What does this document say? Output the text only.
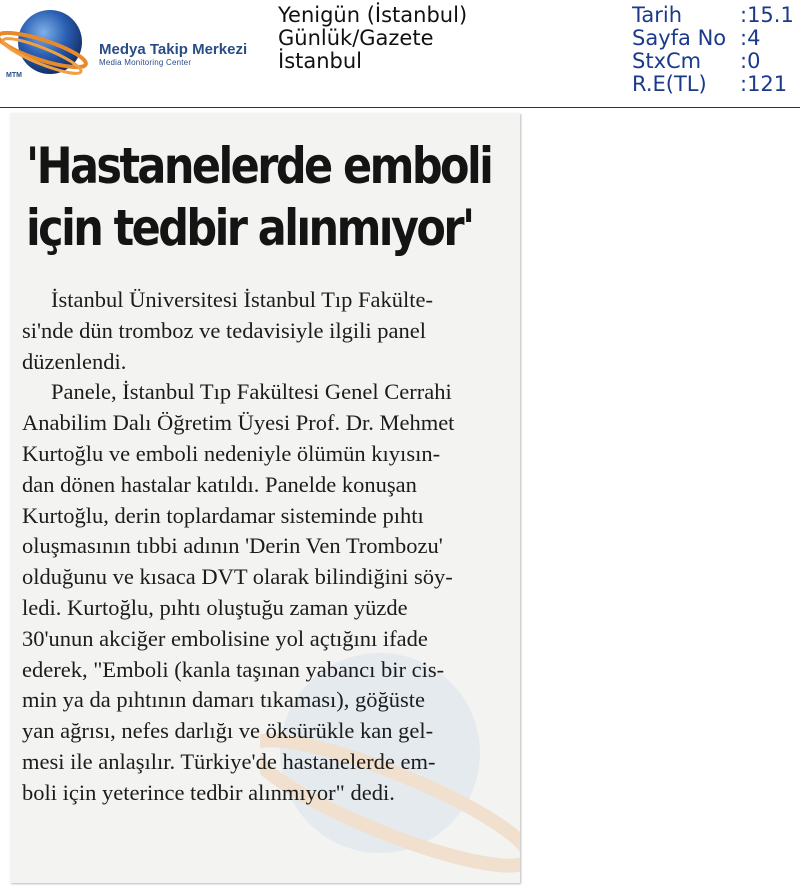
Medya Takip Merkezi
Media Monitoring Center
MTM
Yenigün (İstanbul)
Günlük/Gazete
İstanbul
Tarih	:15.1
Sayfa No :4
StxCm :0
R.E(TL) :121
'Hastanelerde emboli
için tedbir alınmıyor'
İstanbul Üniversitesi İstanbul Tıp Fakülte-
si'nde dün tromboz ve tedavisiyle ilgili panel
düzenlendi.
Panele, İstanbul Tıp Fakültesi Genel Cerrahi
Anabilim Dalı Öğretim Üyesi Prof. Dr. Mehmet
Kurtoğlu ve emboli nedeniyle ölümün kıyısın-
dan dönen hastalar katıldı. Panelde konuşan
Kurtoğlu, derin toplardamar sisteminde pıhtı
oluşmasının tıbbi adının 'Derin Ven Trombozu'
olduğunu ve kısaca DVT olarak bilindiğini söy-
ledi. Kurtoğlu, pıhtı oluştuğu zaman yüzde
30'unun akciğer embolisine yol açtığını ifade
ederek, "Emboli (kanla taşınan yabancı bir cis-
min ya da pıhtının damarı tıkaması), göğüste
yan ağrısı, nefes darlığı ve öksürükle kan gel-
mesi ile anlaşılır. Türkiye'de hastanelerde em-
boli için yeterince tedbir alınmıyor" dedi.
